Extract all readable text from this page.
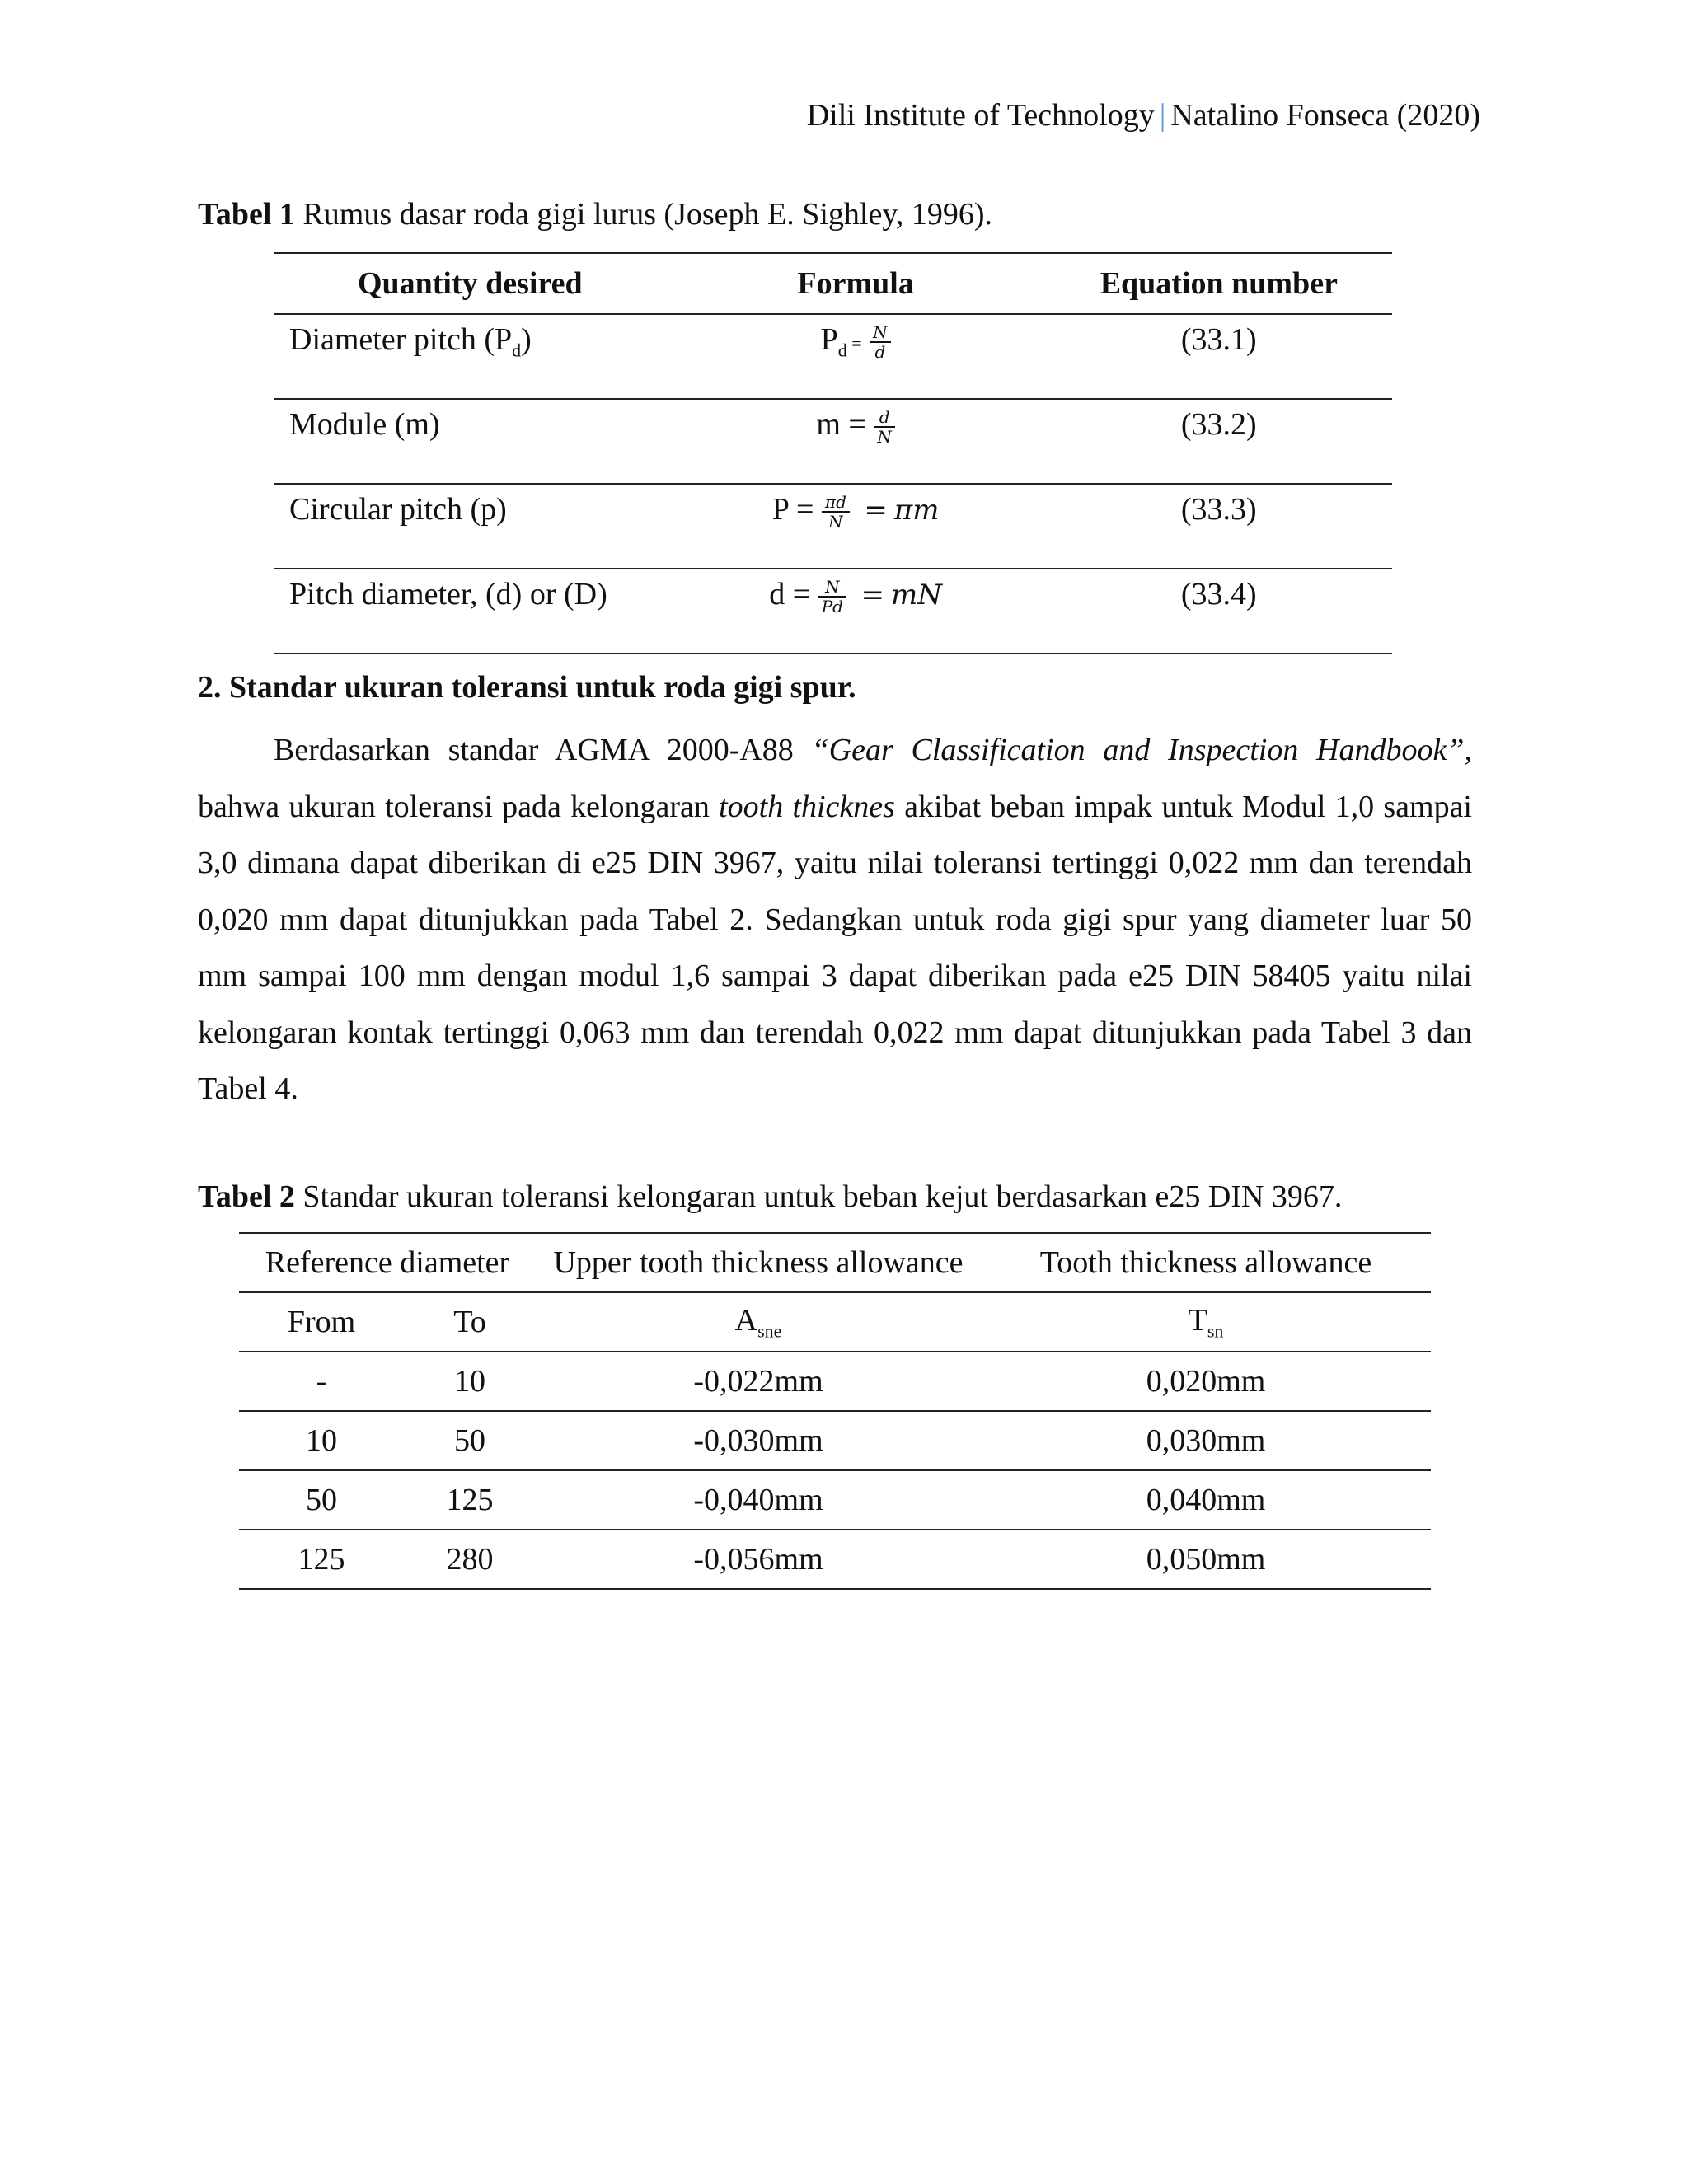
Dili Institute of Technology | Natalino Fonseca (2020)
Tabel 1 Rumus dasar roda gigi lurus (Joseph E. Sighley, 1996).
Quantity desired	Formula	Equation number
Diameter pitch $(P_d)$	$P_d = \frac{N}{d}$	(33.1)
Module (m)	$m = \frac{d}{N}$	(33.2)
Circular pitch (p)	$P = \frac{\pi d}{N} = \pi m$	(33.3)
Pitch diameter, (d) or (D)	$d = \frac{N}{Pd}$ = mN	(33.4)
2. Standar ukuran toleransi untuk roda gigi spur.
Berdasarkan standar AGMA 2000-A88 “Gear Classification and Inspection Handbook”, bahwa ukuran toleransi pada kelongaran tooth thicknes akibat beban impak untuk Modul 1,0 sampai 3,0 dimana dapat diberikan di e25 DIN 3967, yaitu nilai toleransi tertinggi 0,022 mm dan terendah 0,020 mm dapat ditunjukkan pada Tabel 2. Sedangkan untuk roda gigi spur yang diameter luar 50 mm sampai 100 mm dengan modul 1,6 sampai 3 dapat diberikan pada e25 DIN 58405 yaitu nilai kelongaran kontak tertinggi 0,063 mm dan terendah 0,022 mm dapat ditunjukkan pada Tabel 3 dan Tabel 4.
Tabel 2 Standar ukuran toleransi kelongaran untuk beban kejut berdasarkan e25 DIN 3967.
Reference diameter		Upper tooth thickness allowance	Tooth thickness allowance
From	To	$A_{sne}$	$T_{sn}$
-	10	-0,022mm	0,020mm
10	50	-0,030mm	0,030mm
50	125	-0,040mm	0,040mm
125	280	-0,056mm	0,050mm
